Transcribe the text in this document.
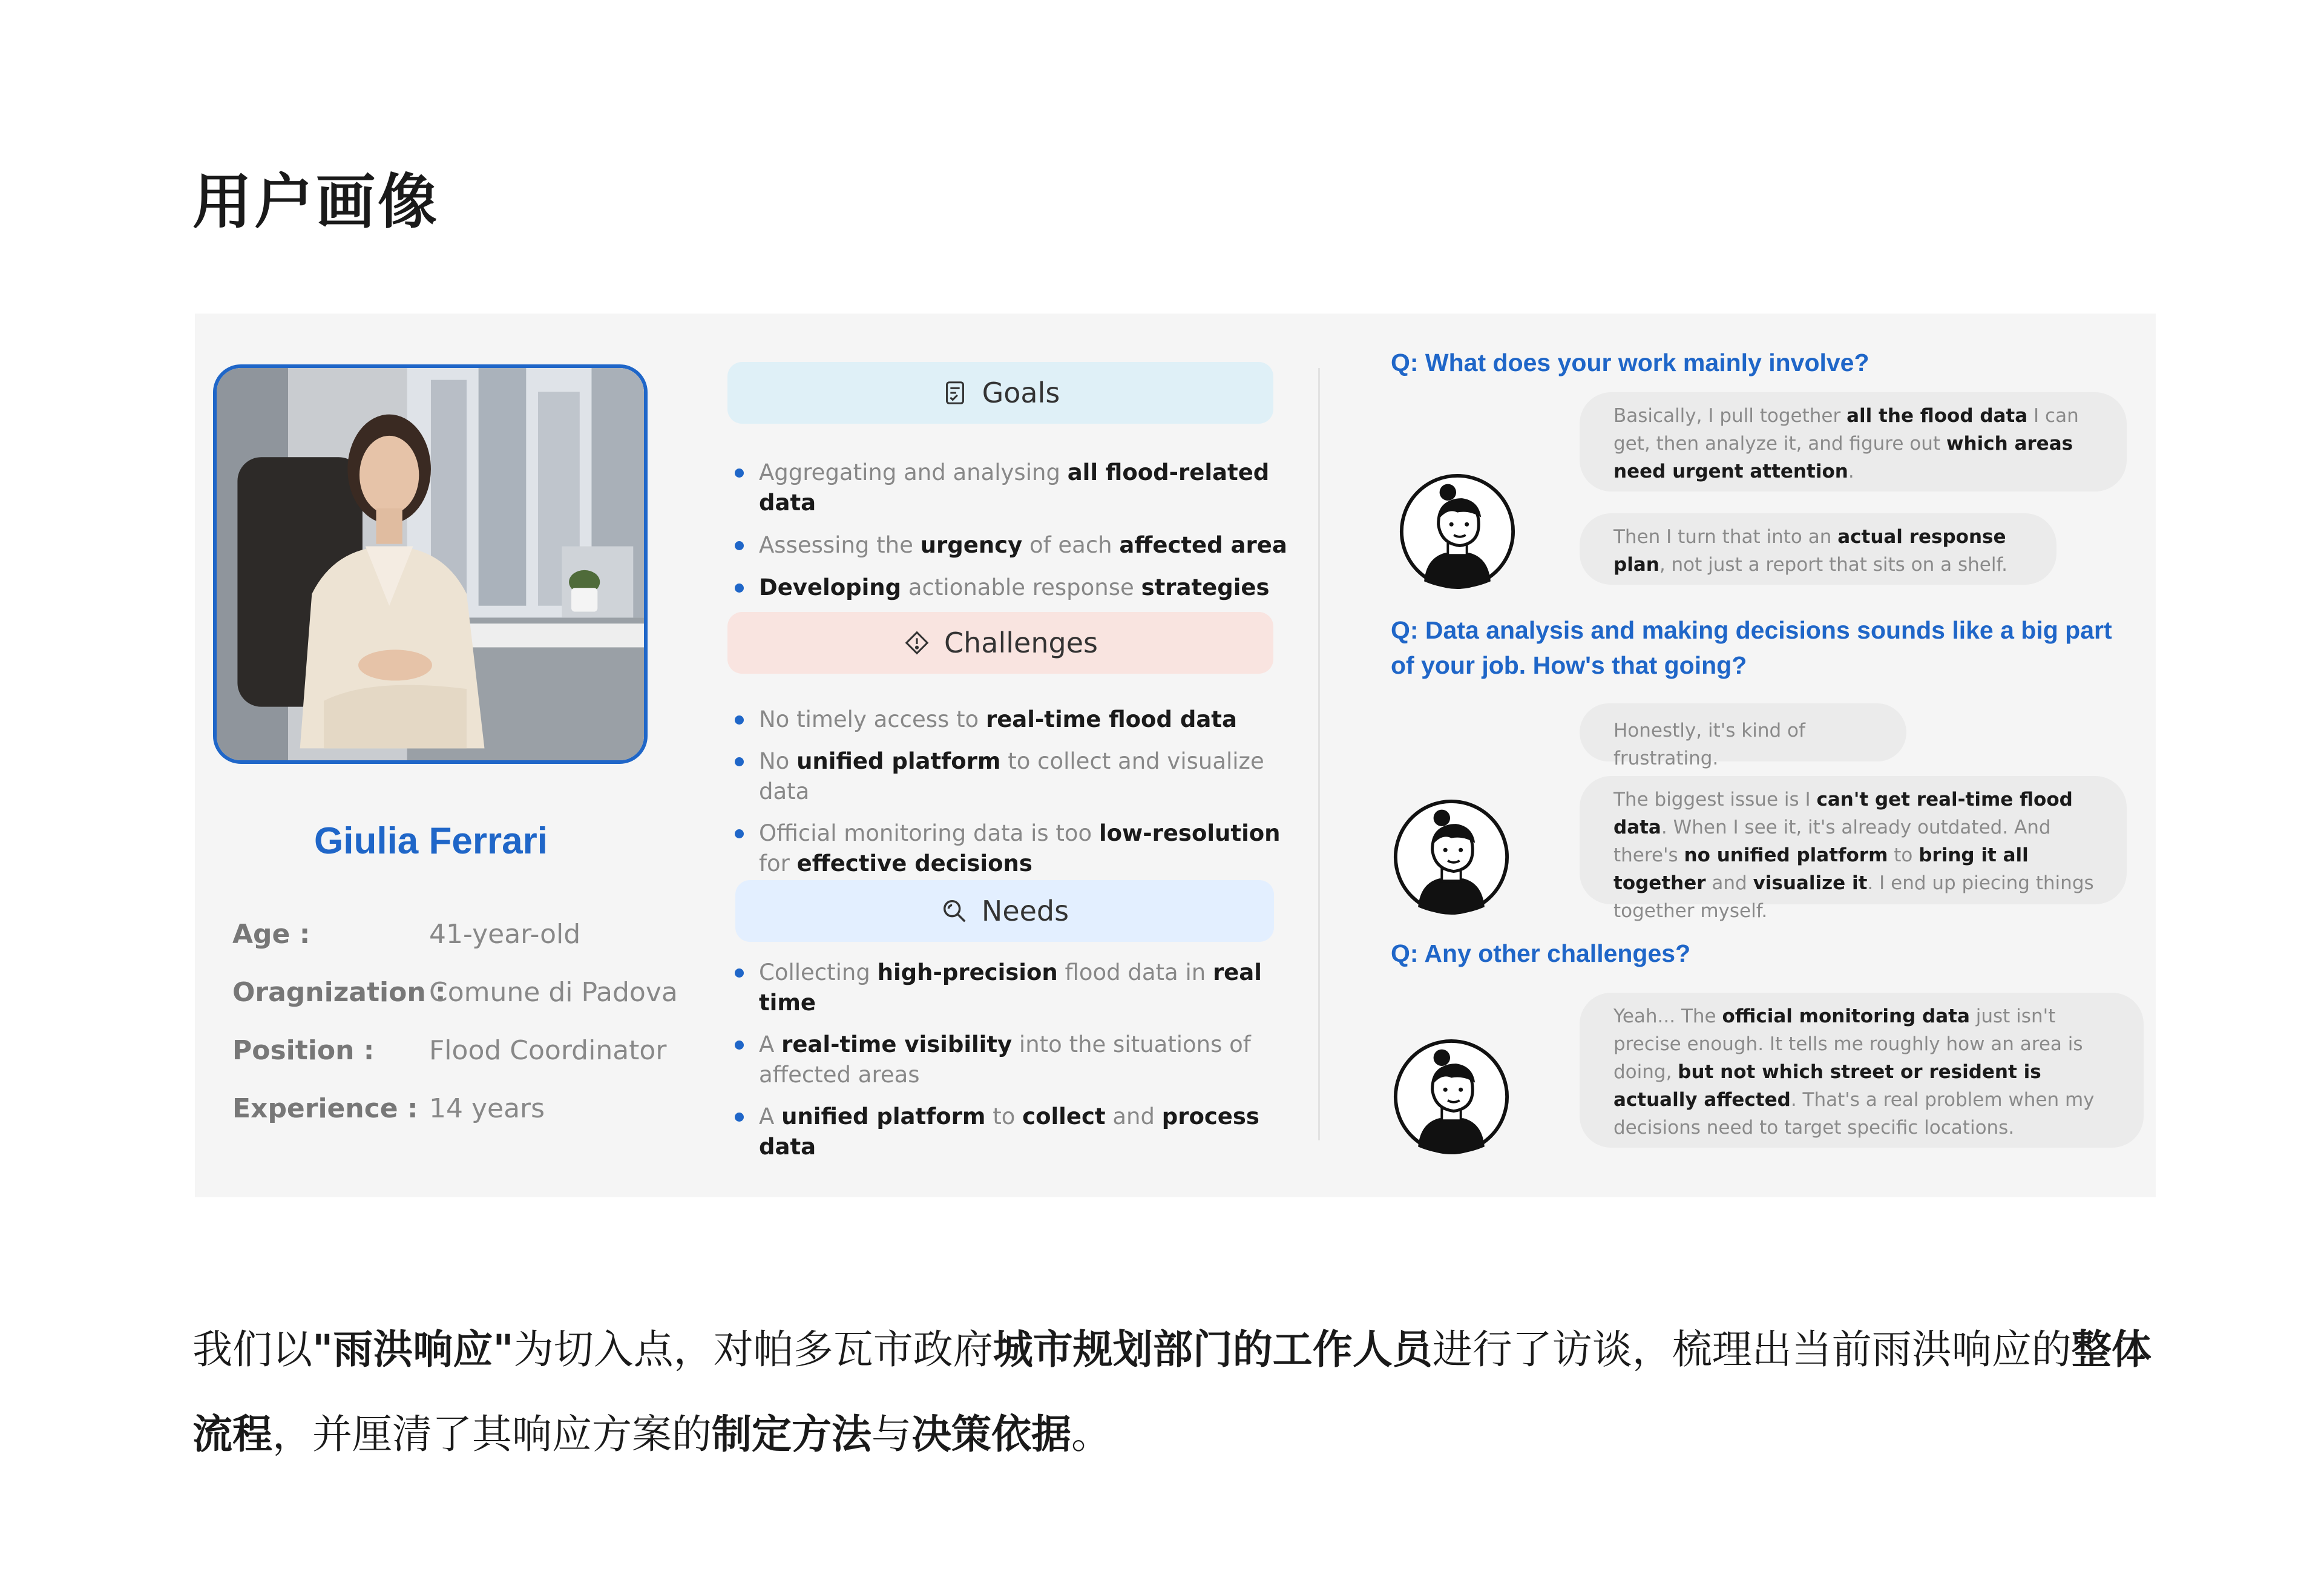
用户画像
Giulia Ferrari
Age :	41-year-old
Oragnization :
Comune di Padova
Position : Flood Coordinator
Experience : 14 years
Goals
Aggregating and analysing all flood-related data
Assessing the urgency of each affected area
Developing actionable response strategies
Challenges
No timely access to real-time flood data
No unified platform to collect and visualize data
Official monitoring data is too low-resolution for effective decisions
Needs
Collecting high-precision flood data in real time
A real-time visibility into the situations of affected areas
A unified platform to collect and process data
Q: What does your work mainly involve?
Q: Data analysis and making decisions sounds like a big part of your job. How's that going?
Q: Any other challenges?
Basically, I pull together all the flood data I can get, then analyze it, and figure out which areas need urgent attention.
Then I turn that into an actual response plan, not just a report that sits on a shelf.
Honestly, it's kind of frustrating.
The biggest issue is I can't get real-time flood data. When I see it, it's already outdated. And there's no unified platform to bring it all together and visualize it. I end up piecing things together myself.
Yeah... The official monitoring data just isn't precise enough. It tells me roughly how an area is doing, but not which street or resident is actually affected. That's a real problem when my decisions need to target specific locations.
我们以"雨洪响应"为切入点，对帕多瓦市政府城市规划部门的工作人员进行了访谈，梳理出当前雨洪响应的整体流程，并厘清了其响应方案的制定方法与决策依据。
